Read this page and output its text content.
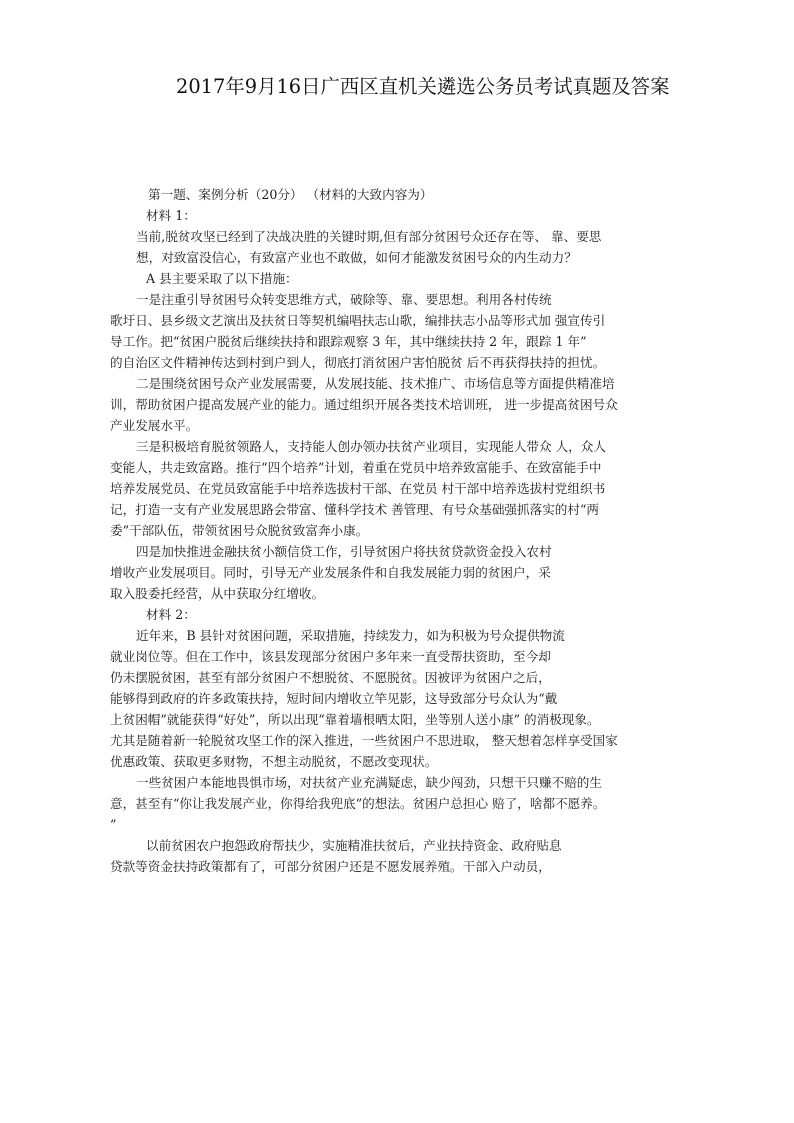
2017年9月16日广西区直机关遴选公务员考试真题及答案
第一题、案例分析（20分） （材料的大致内容为）
材料 1：
当前,脱贫攻坚已经到了决战决胜的关键时期,但有部分贫困号众还存在等、 靠、要思
想，对致富没信心，有致富产业也不敢做，如何才能激发贫困号众的内生动力？
A 县主要采取了以下措施：
一是注重引导贫困号众转变思维方式，破除等、靠、要思想。利用各村传统
歌圩日、县乡级文艺演出及扶贫日等契机编唱扶志山歌，编排扶志小品等形式加 强宣传引
导工作。把“贫困户脱贫后继续扶持和跟踪观察 3 年，其中继续扶持 2 年，跟踪 1 年”
的自治区文件精神传达到村到户到人，彻底打消贫困户害怕脱贫 后不再获得扶持的担忧。
二是围绕贫困号众产业发展需要，从发展技能、技术推广、市场信息等方面提供精准培
训，帮助贫困户提高发展产业的能力。通过组织开展各类技术培训班， 进一步提高贫困号众
产业发展水平。
三是积极培育脱贫领路人，支持能人创办领办扶贫产业项目，实现能人带众 人，众人
变能人，共走致富路。推行“四个培养”计划，着重在党员中培养致富能手、在致富能手中
培养发展党员、在党员致富能手中培养选拔村干部、在党员 村干部中培养选拔村党组织书
记，打造一支有产业发展思路会带富、懂科学技术 善管理、有号众基础强抓落实的村“两
委”干部队伍，带领贫困号众脱贫致富奔小康。
四是加快推进金融扶贫小额信贷工作，引导贫困户将扶贫贷款资金投入农村
增收产业发展项目。同时，引导无产业发展条件和自我发展能力弱的贫困户，采
取入股委托经营，从中获取分红增收。
材料 2：
近年来，B 县针对贫困问题，采取措施，持续发力，如为积极为号众提供物流
就业岗位等。但在工作中，该县发现部分贫困户多年来一直受帮扶资助，至今却
仍未摆脱贫困，甚至有部分贫困户不想脱贫、不愿脱贫。因被评为贫困户之后，
能够得到政府的许多政策扶持，短时间内增收立竿见影，这导致部分号众认为“戴
上贫困帽”就能获得“好处”，所以出现“靠着墙根晒太阳，坐等别人送小康” 的消极现象。
尤其是随着新一轮脱贫攻坚工作的深入推进，一些贫困户不思进取， 整天想着怎样享受国家
优惠政策、获取更多财物，不想主动脱贫，不愿改变现状。
一些贫困户本能地畏惧市场，对扶贫产业充满疑虑，缺少闯劲，只想干只赚不赔的生
意，甚至有“你让我发展产业，你得给我兜底”的想法。贫困户总担心 赔了，啥都不愿养。
”
以前贫困农户抱怨政府帮扶少，实施精准扶贫后，产业扶持资金、政府贴息
贷款等资金扶持政策都有了，可部分贫困户还是不愿发展养殖。干部入户动员，
